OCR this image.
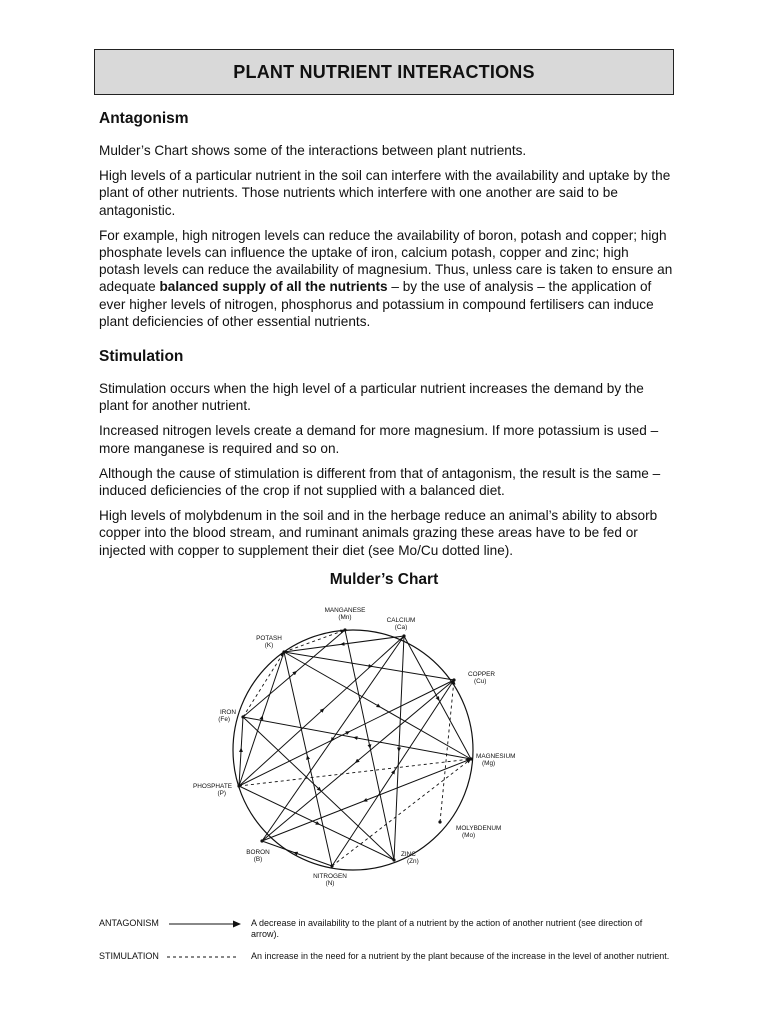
PLANT NUTRIENT INTERACTIONS
Antagonism

Mulder’s Chart shows some of the interactions between plant nutrients.

High levels of a particular nutrient in the soil can interfere with the availability and uptake by the plant of other nutrients. Those nutrients which interfere with one another are said to be antagonistic.

For example, high nitrogen levels can reduce the availability of boron, potash and copper; high phosphate levels can influence the uptake of iron, calcium potash, copper and zinc; high potash levels can reduce the availability of magnesium. Thus, unless care is taken to ensure an adequate balanced supply of all the nutrients – by the use of analysis – the application of ever higher levels of nitrogen, phosphorus and potassium in compound fertilisers can induce plant deficiencies of other essential nutrients.

Stimulation

Stimulation occurs when the high level of a particular nutrient increases the demand by the plant for another nutrient.

Increased nitrogen levels create a demand for more magnesium. If more potassium is used – more manganese is required and so on.

Although the cause of stimulation is different from that of antagonism, the result is the same – induced deficiencies of the crop if not supplied with a balanced diet.

High levels of molybdenum in the soil and in the herbage reduce an animal’s ability to absorb copper into the blood stream, and ruminant animals grazing these areas have to be fed or injected with copper to supplement their diet (see Mo/Cu dotted line).

Mulder’s Chart
MANGANESE
(Mn)	CALCIUM
(Ca)
COPPER
(Cu)
MAGNESIUM
(Mg)
MOLYBDENUM
(Mo)
ZINC
(Zn)
NITROGEN
(N)
BORON
(B)
PHOSPHATE
(P)
IRON
(Fe)
POTASH
(K)
ANTAGONISM	A decrease in availability to the plant of a nutrient by the action of another nutrient (see direction of arrow).
STIMULATION	An increase in the need for a nutrient by the plant because of the increase in the level of another nutrient.
